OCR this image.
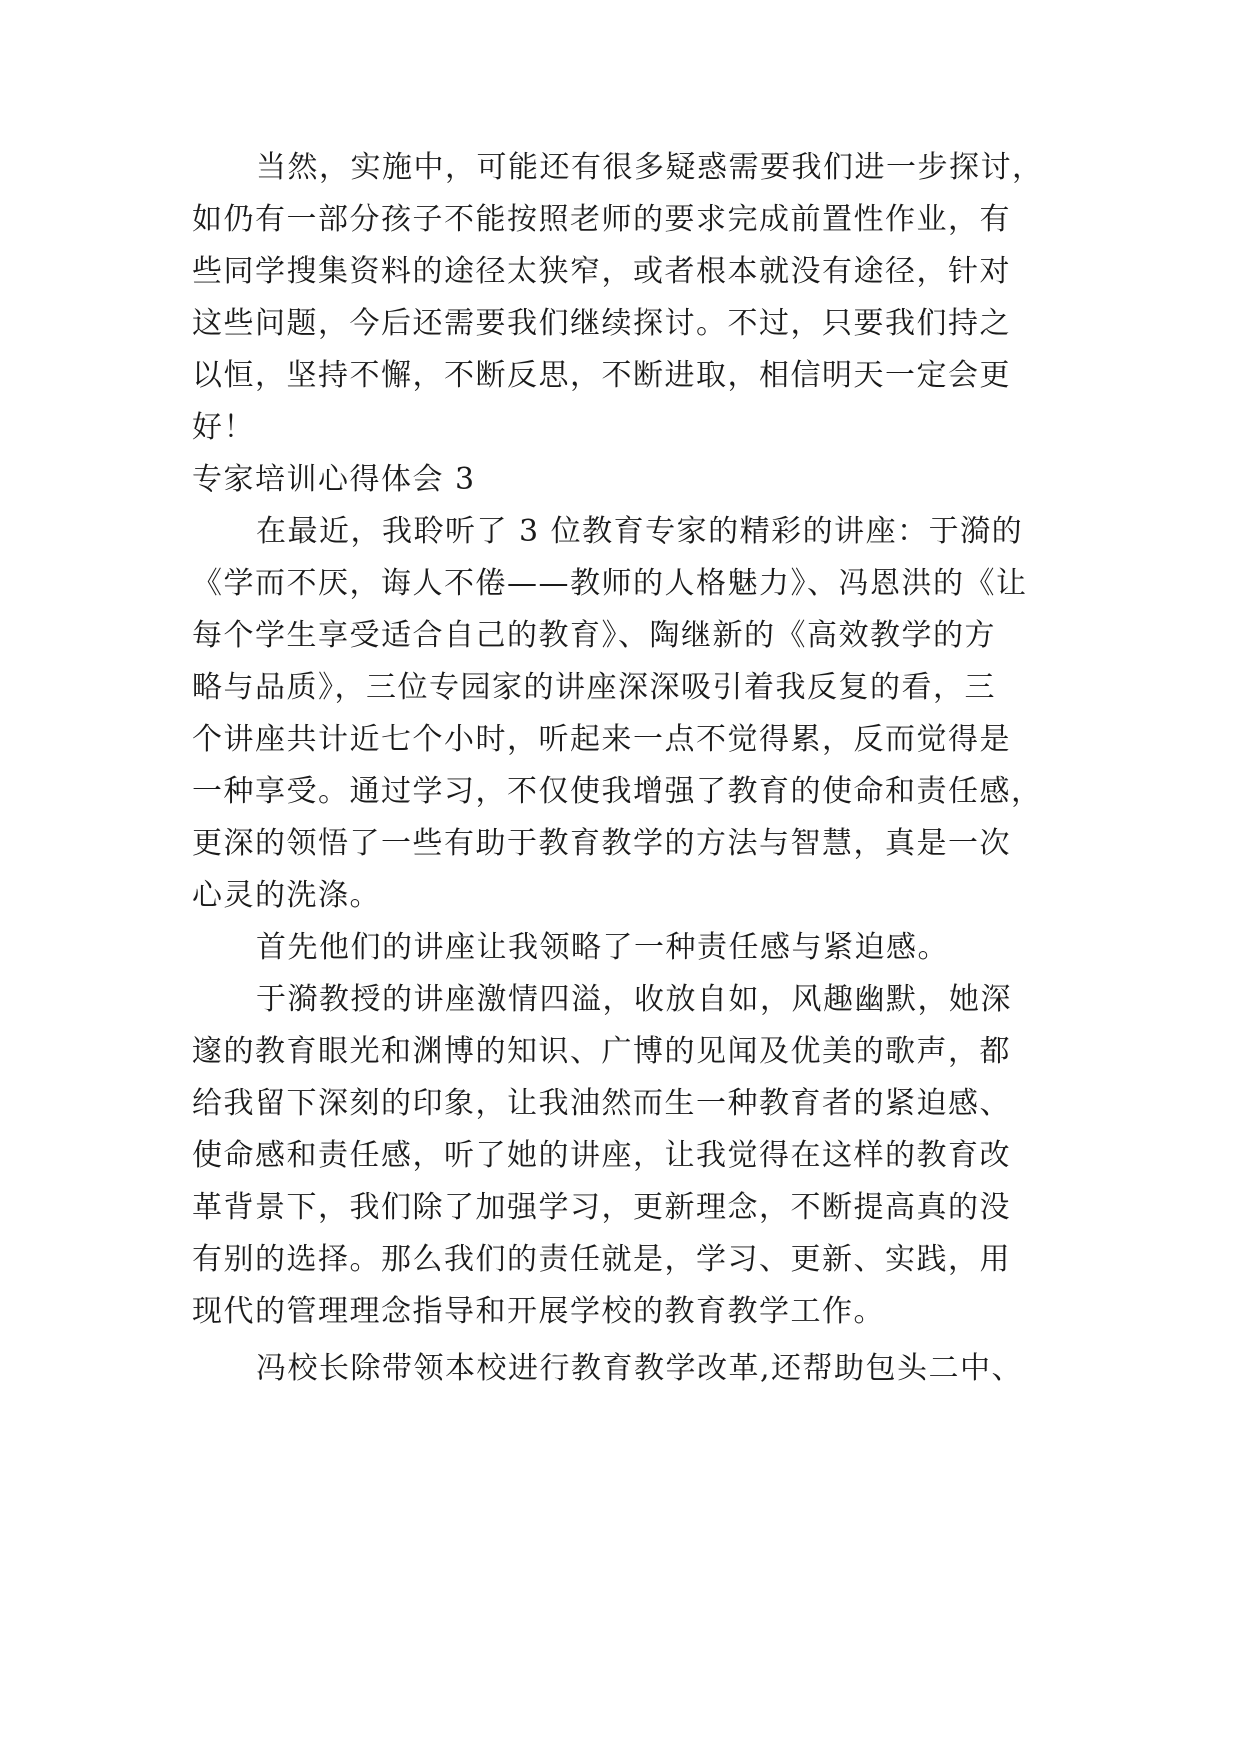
当然，实施中，可能还有很多疑惑需要我们进一步探讨，
如仍有一部分孩子不能按照老师的要求完成前置性作业，有
些同学搜集资料的途径太狭窄，或者根本就没有途径，针对
这些问题，今后还需要我们继续探讨。不过，只要我们持之
以恒，坚持不懈，不断反思，不断进取，相信明天一定会更
好！
专家培训心得体会 3
在最近，我聆听了 3 位教育专家的精彩的讲座：于漪的
《学而不厌，诲人不倦——教师的人格魅力》、冯恩洪的《让
每个学生享受适合自己的教育》、陶继新的《高效教学的方
略与品质》，三位专园家的讲座深深吸引着我反复的看，三
个讲座共计近七个小时，听起来一点不觉得累，反而觉得是
一种享受。通过学习，不仅使我增强了教育的使命和责任感，
更深的领悟了一些有助于教育教学的方法与智慧，真是一次
心灵的洗涤。
首先他们的讲座让我领略了一种责任感与紧迫感。
于漪教授的讲座激情四溢，收放自如，风趣幽默，她深
邃的教育眼光和渊博的知识、广博的见闻及优美的歌声，都
给我留下深刻的印象，让我油然而生一种教育者的紧迫感、
使命感和责任感，听了她的讲座，让我觉得在这样的教育改
革背景下，我们除了加强学习，更新理念，不断提高真的没
有别的选择。那么我们的责任就是，学习、更新、实践，用
现代的管理理念指导和开展学校的教育教学工作。
冯校长除带领本校进行教育教学改革,还帮助包头二中、
